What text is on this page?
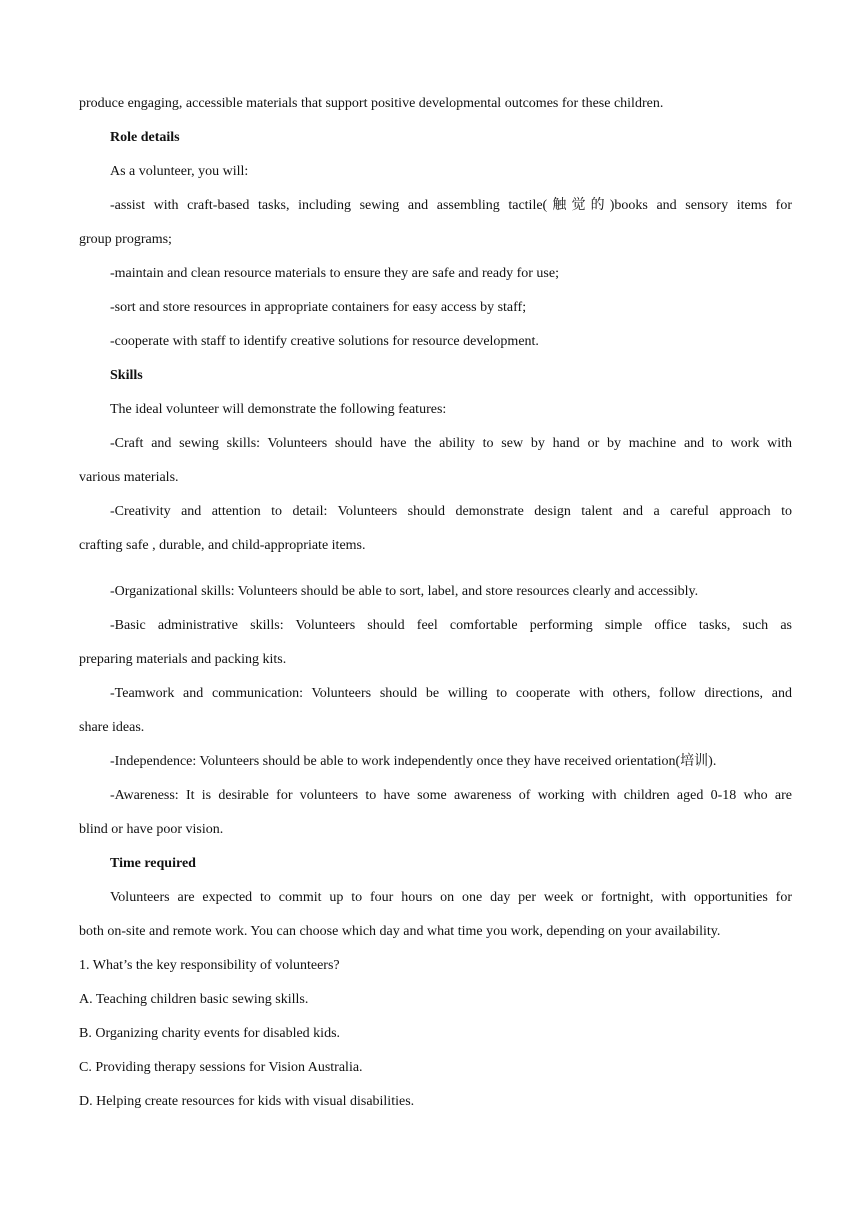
produce engaging, accessible materials that support positive developmental outcomes for these children.

Role details

As a volunteer, you will:

-assist with craft-based tasks, including sewing and assembling tactile(触觉的)books and sensory items for
group programs;

-maintain and clean resource materials to ensure they are safe and ready for use;

-sort and store resources in appropriate containers for easy access by staff;

-cooperate with staff to identify creative solutions for resource development.

Skills

The ideal volunteer will demonstrate the following features:

-Craft and sewing skills: Volunteers should have the ability to sew by hand or by machine and to work with
various materials.
-Creativity and attention to detail: Volunteers should demonstrate design talent and a careful approach to
crafting safe , durable, and child-appropriate items.

-Organizational skills: Volunteers should be able to sort, label, and store resources clearly and accessibly.

-Basic administrative skills: Volunteers should feel comfortable performing simple office tasks, such as
preparing materials and packing kits.
-Teamwork and communication: Volunteers should be willing to cooperate with others, follow directions, and
share ideas.

-Independence: Volunteers should be able to work independently once they have received orientation(培训).

-Awareness: It is desirable for volunteers to have some awareness of working with children aged 0-18 who are
blind or have poor vision.

Time required

Volunteers are expected to commit up to four hours on one day per week or fortnight, with opportunities for
both on-site and remote work. You can choose which day and what time you work, depending on your availability.

1. What’s the key responsibility of volunteers?

A. Teaching children basic sewing skills.

B. Organizing charity events for disabled kids.

C. Providing therapy sessions for Vision Australia.

D. Helping create resources for kids with visual disabilities.
